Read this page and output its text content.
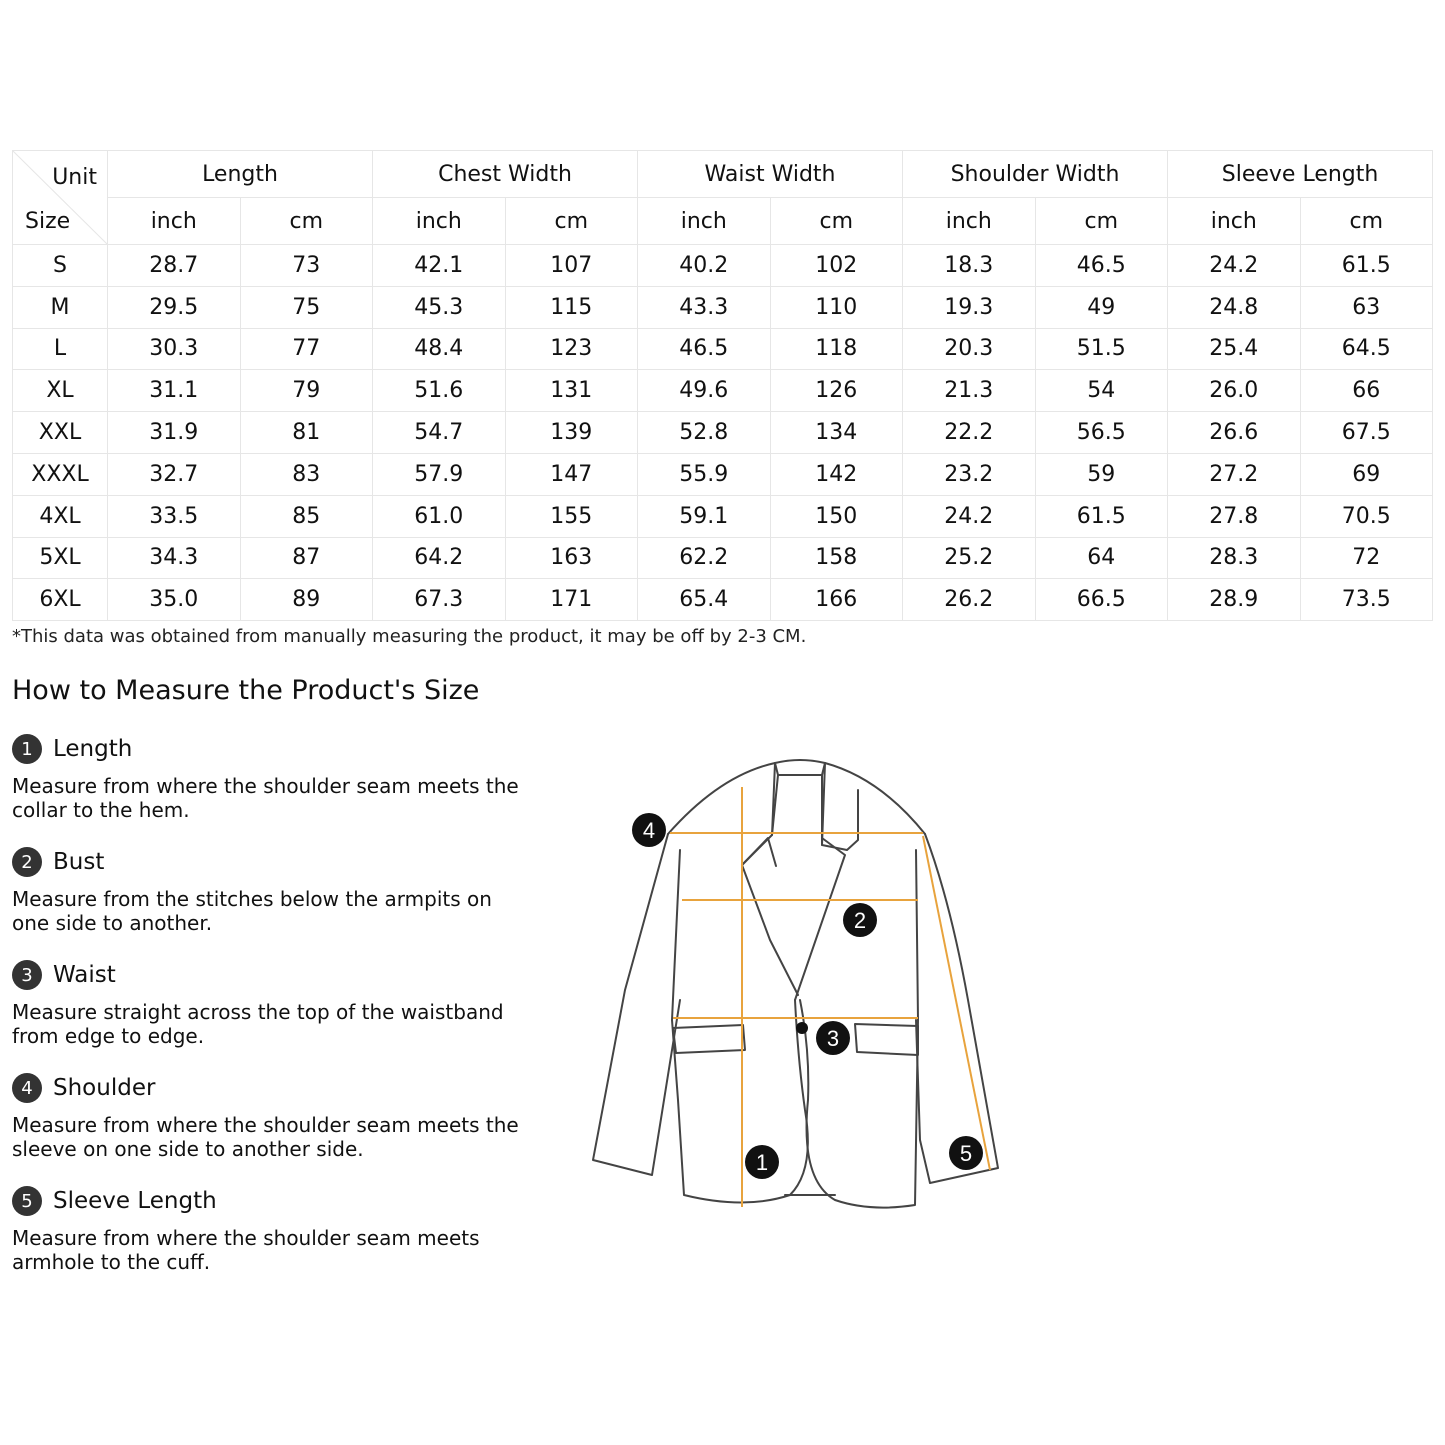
Unit
Size	Length		Chest Width		Waist Width		Shoulder Width		Sleeve Length	
	inch	cm	inch	cm	inch	cm	inch	cm	inch	cm
S	28.7	73	42.1	107	40.2	102	18.3	46.5	24.2	61.5
M	29.5	75	45.3	115	43.3	110	19.3	49	24.8	63
L	30.3	77	48.4	123	46.5	118	20.3	51.5	25.4	64.5
XL	31.1	79	51.6	131	49.6	126	21.3	54	26.0	66
XXL	31.9	81	54.7	139	52.8	134	22.2	56.5	26.6	67.5
XXXL	32.7	83	57.9	147	55.9	142	23.2	59	27.2	69
4XL	33.5	85	61.0	155	59.1	150	24.2	61.5	27.8	70.5
5XL	34.3	87	64.2	163	62.2	158	25.2	64	28.3	72
6XL	35.0	89	67.3	171	65.4	166	26.2	66.5	28.9	73.5
*This data was obtained from manually measuring the product, it may be off by 2-3 CM.
How to Measure the Product's Size
1 Length
Measure from where the shoulder seam meets the collar to the hem.
2 Bust
Measure from the stitches below the armpits on one side to another.
3 Waist
Measure straight across the top of the waistband from edge to edge.
4 Shoulder
Measure from where the shoulder seam meets the sleeve on one side to another side.
5 Sleeve Length
Measure from where the shoulder seam meets armhole to the cuff.
4
2
3
1	5
